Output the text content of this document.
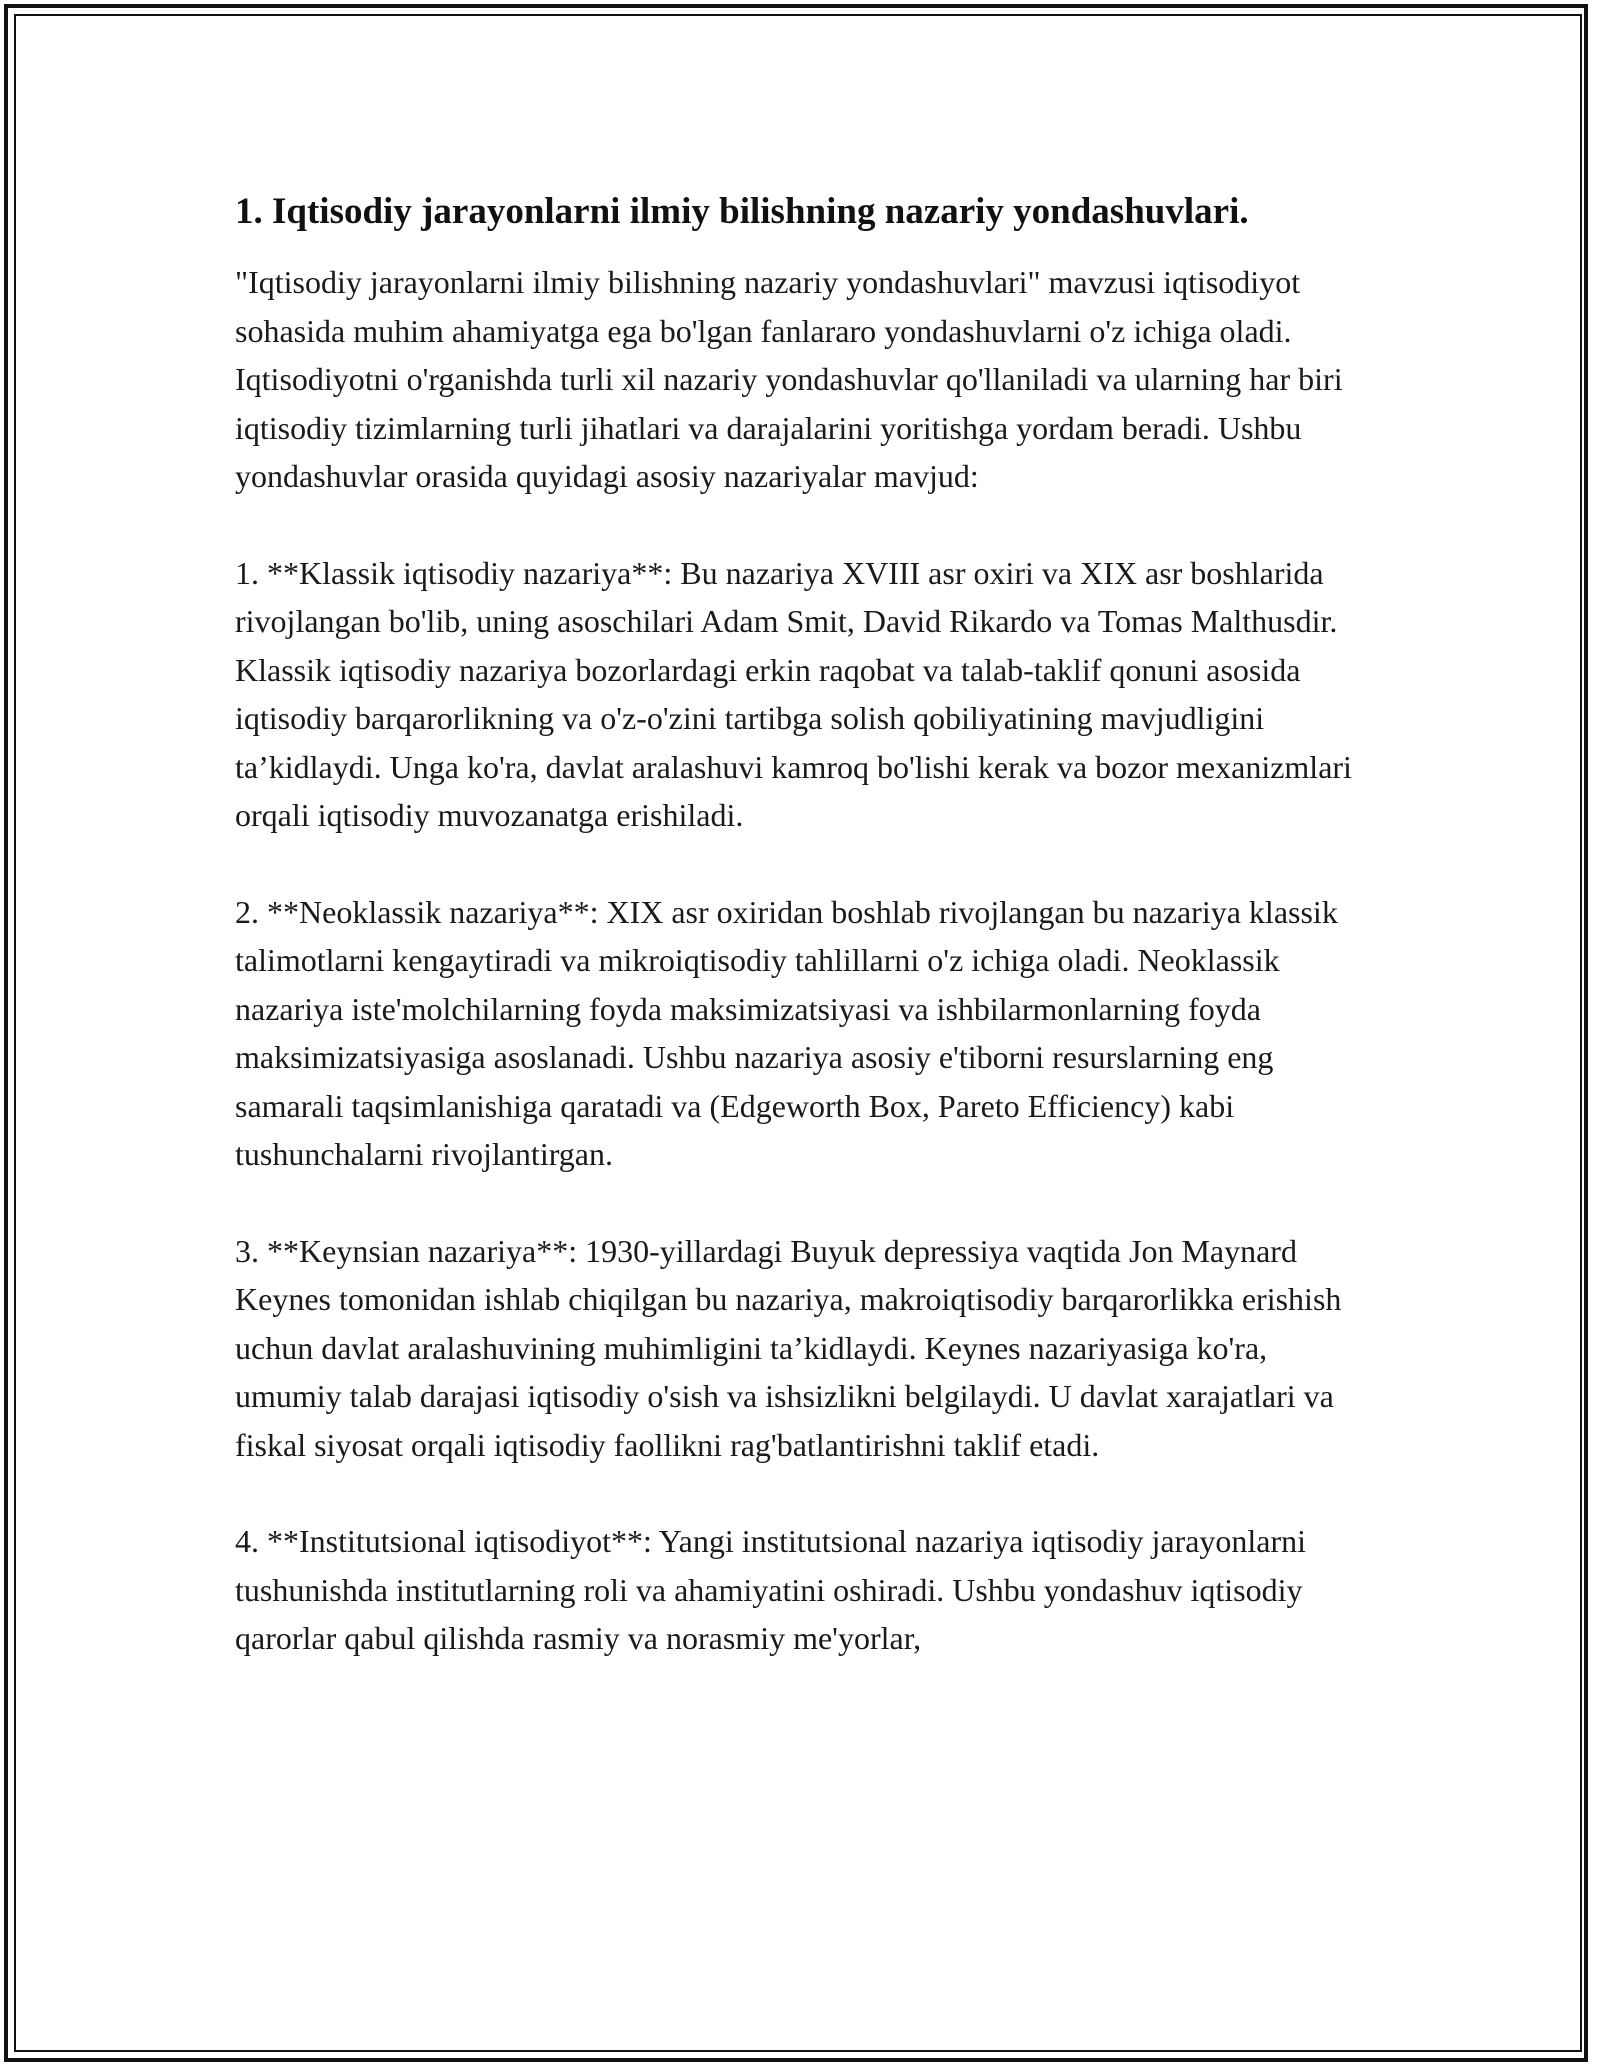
1. Iqtisodiy jarayonlarni ilmiy bilishning nazariy yondashuvlari.

"Iqtisodiy jarayonlarni ilmiy bilishning nazariy yondashuvlari" mavzusi iqtisodiyot sohasida muhim ahamiyatga ega bo'lgan fanlararo yondashuvlarni o'z ichiga oladi. Iqtisodiyotni o'rganishda turli xil nazariy yondashuvlar qo'llaniladi va ularning har biri iqtisodiy tizimlarning turli jihatlari va darajalarini yoritishga yordam beradi. Ushbu yondashuvlar orasida quyidagi asosiy nazariyalar mavjud:

1. **Klassik iqtisodiy nazariya**: Bu nazariya XVIII asr oxiri va XIX asr boshlarida rivojlangan bo'lib, uning asoschilari Adam Smit, David Rikardo va Tomas Malthusdir. Klassik iqtisodiy nazariya bozorlardagi erkin raqobat va talab-taklif qonuni asosida iqtisodiy barqarorlikning va o'z-o'zini tartibga solish qobiliyatining mavjudligini ta’kidlaydi. Unga ko'ra, davlat aralashuvi kamroq bo'lishi kerak va bozor mexanizmlari orqali iqtisodiy muvozanatga erishiladi.

2. **Neoklassik nazariya**: XIX asr oxiridan boshlab rivojlangan bu nazariya klassik talimotlarni kengaytiradi va mikroiqtisodiy tahlillarni o'z ichiga oladi. Neoklassik nazariya iste'molchilarning foyda maksimizatsiyasi va ishbilarmonlarning foyda maksimizatsiyasiga asoslanadi. Ushbu nazariya asosiy e'tiborni resurslarning eng samarali taqsimlanishiga qaratadi va (Edgeworth Box, Pareto Efficiency) kabi tushunchalarni rivojlantirgan.

3. **Keynsian nazariya**: 1930-yillardagi Buyuk depressiya vaqtida Jon Maynard Keynes tomonidan ishlab chiqilgan bu nazariya, makroiqtisodiy barqarorlikka erishish uchun davlat aralashuvining muhimligini ta’kidlaydi. Keynes nazariyasiga ko'ra, umumiy talab darajasi iqtisodiy o'sish va ishsizlikni belgilaydi. U davlat xarajatlari va fiskal siyosat orqali iqtisodiy faollikni rag'batlantirishni taklif etadi.

4. **Institutsional iqtisodiyot**: Yangi institutsional nazariya iqtisodiy jarayonlarni tushunishda institutlarning roli va ahamiyatini oshiradi. Ushbu yondashuv iqtisodiy qarorlar qabul qilishda rasmiy va norasmiy me'yorlar,
